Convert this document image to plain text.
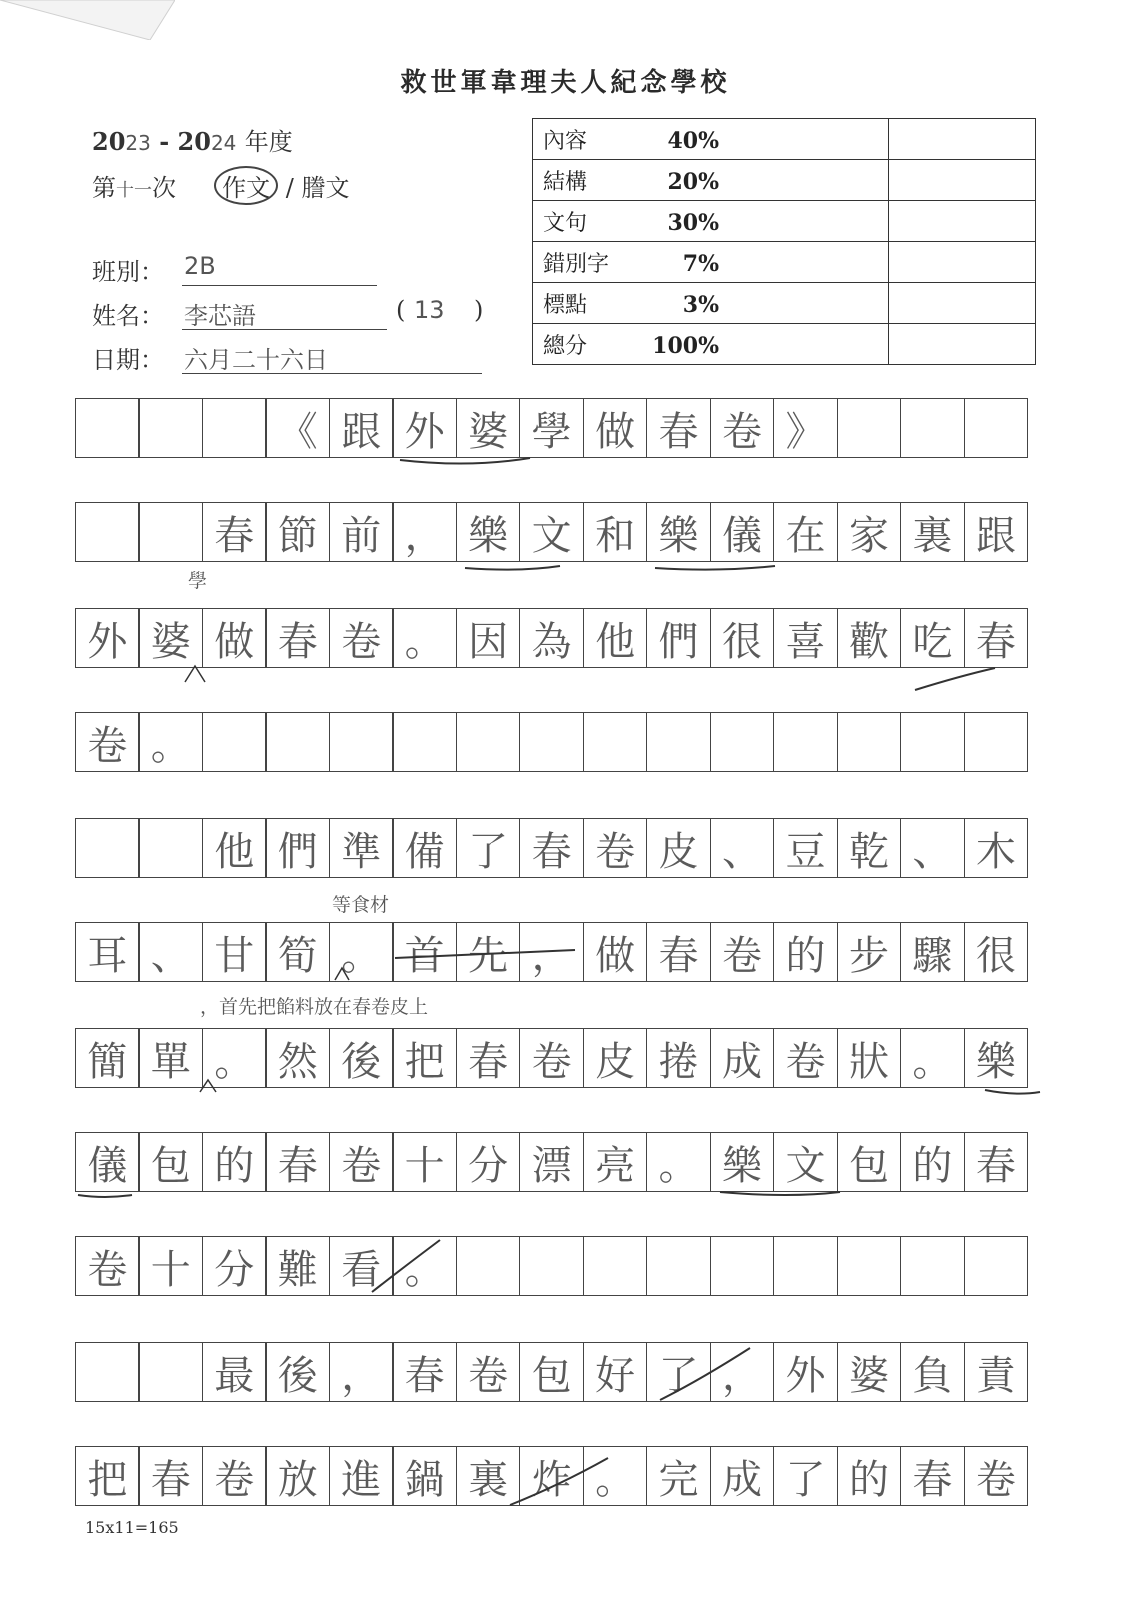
救世軍韋理夫人紀念學校
2023 - 2024 年度
第十一次 作文 / 謄文
班別： 2B
姓名： 李芯語	( 13 )
日期： 六月二十六日
內容 40%	
結構 20%	
文句 30%	
錯別字 7%	
標點 3%	
總分 100%	
《 跟 外 婆 學 做 春 卷 》
春 節 前 ， 樂 文 和 樂 儀 在 家 裏 跟
外 婆 做 春 卷 。 因 為 他 們 很 喜 歡 吃 春
卷 。
他 們 準 備 了 春 卷 皮 、 豆 乾 、 木
耳 、 甘 筍 。 首 先 ， 做 春 卷 的 步 驟 很
簡 單 。 然 後 把 春 卷 皮 捲 成 卷 狀 。 樂
儀 包 的 春 卷 十 分 漂 亮 。 樂 文 包 的 春
卷 十 分 難 看 。
最 後 ， 春 卷 包 好 了 ， 外 婆 負 責
把 春 卷 放 進 鍋 裏 炸 。 完 成 了 的 春 卷
學
等食材
，首先把餡料放在春卷皮上
15x11=165
